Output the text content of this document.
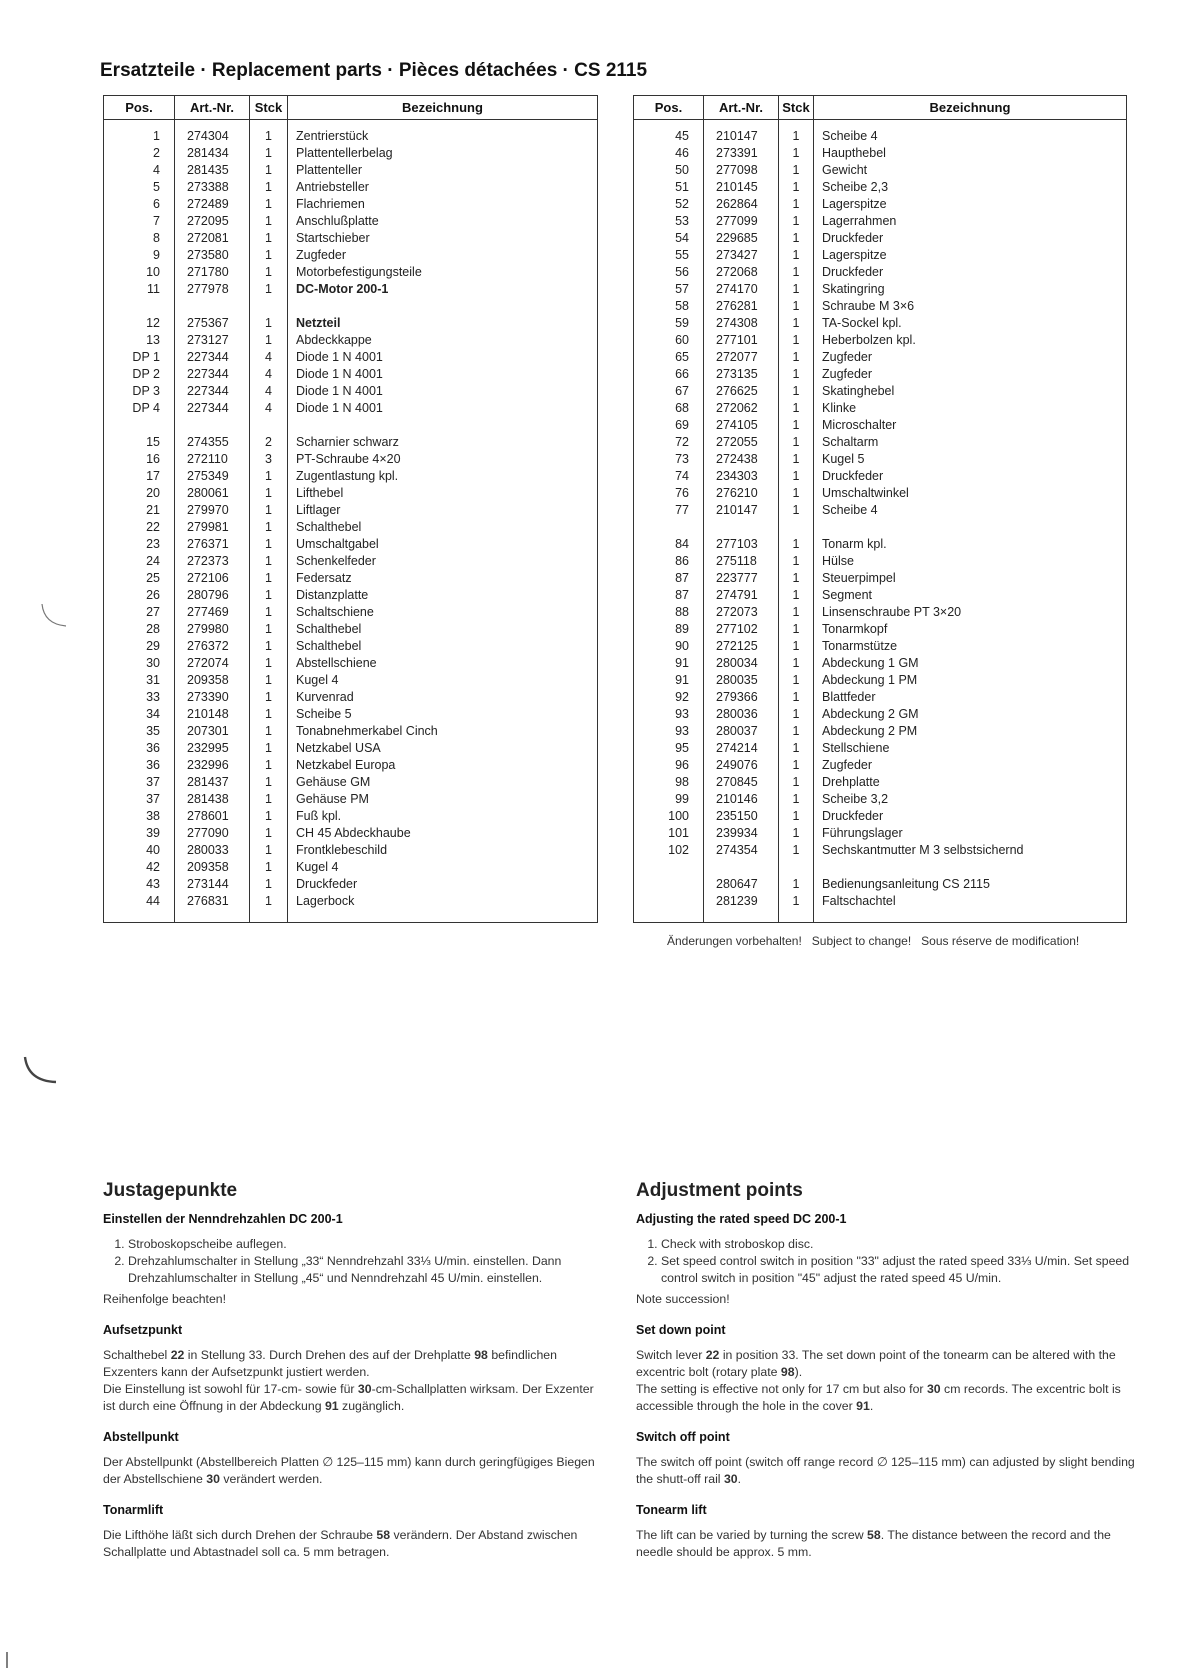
Ersatzteile · Replacement parts · Pièces détachées · CS 2115
Pos.	Art.-Nr.	Stck	Bezeichnung
1	274304	1	Zentrierstück
2	281434	1	Plattentellerbelag
4	281435	1	Plattenteller
5	273388	1	Antriebsteller
6	272489	1	Flachriemen
7	272095	1	Anschlußplatte
8	272081	1	Startschieber
9	273580	1	Zugfeder
10	271780	1	Motorbefestigungsteile
11	277978	1	DC-Motor 200-1

12	275367	1	Netzteil
13	273127	1	Abdeckkappe
DP 1	227344	4	Diode 1 N 4001
DP 2	227344	4	Diode 1 N 4001
DP 3	227344	4	Diode 1 N 4001
DP 4	227344	4	Diode 1 N 4001

15	274355	2	Scharnier schwarz
16	272110	3	PT-Schraube 4×20
17	275349	1	Zugentlastung kpl.
20	280061	1	Lifthebel
21	279970	1	Liftlager
22	279981	1	Schalthebel
23	276371	1	Umschaltgabel
24	272373	1	Schenkelfeder
25	272106	1	Federsatz
26	280796	1	Distanzplatte
27	277469	1	Schaltschiene
28	279980	1	Schalthebel
29	276372	1	Schalthebel
30	272074	1	Abstellschiene
31	209358	1	Kugel 4
33	273390	1	Kurvenrad
34	210148	1	Scheibe 5
35	207301	1	Tonabnehmerkabel Cinch
36	232995	1	Netzkabel USA
36	232996	1	Netzkabel Europa
37	281437	1	Gehäuse GM
37	281438	1	Gehäuse PM
38	278601	1	Fuß kpl.
39	277090	1	CH 45 Abdeckhaube
40	280033	1	Frontklebeschild
42	209358	1	Kugel 4
43	273144	1	Druckfeder
44	276831	1	Lagerbock
Pos.	Art.-Nr.	Stck	Bezeichnung
45	210147	1	Scheibe 4
46	273391	1	Haupthebel
50	277098	1	Gewicht
51	210145	1	Scheibe 2,3
52	262864	1	Lagerspitze
53	277099	1	Lagerrahmen
54	229685	1	Druckfeder
55	273427	1	Lagerspitze
56	272068	1	Druckfeder
57	274170	1	Skatingring
58	276281	1	Schraube M 3×6
59	274308	1	TA-Sockel kpl.
60	277101	1	Heberbolzen kpl.
65	272077	1	Zugfeder
66	273135	1	Zugfeder
67	276625	1	Skatinghebel
68	272062	1	Klinke
69	274105	1	Microschalter
72	272055	1	Schaltarm
73	272438	1	Kugel 5
74	234303	1	Druckfeder
76	276210	1	Umschaltwinkel
77	210147	1	Scheibe 4

84	277103	1	Tonarm kpl.
86	275118	1	Hülse
87	223777	1	Steuerpimpel
87	274791	1	Segment
88	272073	1	Linsenschraube PT 3×20
89	277102	1	Tonarmkopf
90	272125	1	Tonarmstütze
91	280034	1	Abdeckung 1 GM
91	280035	1	Abdeckung 1 PM
92	279366	1	Blattfeder
93	280036	1	Abdeckung 2 GM
93	280037	1	Abdeckung 2 PM
95	274214	1	Stellschiene
96	249076	1	Zugfeder
98	270845	1	Drehplatte
99	210146	1	Scheibe 3,2
100	235150	1	Druckfeder
101	239934	1	Führungslager
102	274354	1	Sechskantmutter M 3 selbstsichernd

	280647	1	Bedienungsanleitung CS 2115
	281239	1	Faltschachtel
Änderungen vorbehalten!   Subject to change!   Sous réserve de modification!
Justagepunkte
Einstellen der Nenndrehzahlen DC 200-1
1. Stroboskopscheibe auflegen.
2. Drehzahlumschalter in Stellung „33“ Nenndrehzahl 33⅓ U/min. einstellen. Dann Drehzahlumschalter in Stellung „45“ und Nenndrehzahl 45 U/min. einstellen.

Reihenfolge beachten!

Aufsetzpunkt

Schalthebel 22 in Stellung 33. Durch Drehen des auf der Drehplatte 98 befindlichen Exzenters kann der Aufsetzpunkt justiert werden.

Die Einstellung ist sowohl für 17-cm- sowie für 30-cm-Schallplatten wirksam. Der Exzenter ist durch eine Öffnung in der Abdeckung 91 zugänglich.

Abstellpunkt

Der Abstellpunkt (Abstellbereich Platten ∅ 125–115 mm) kann durch geringfügiges Biegen der Abstellschiene 30 verändert werden.

Tonarmlift

Die Lifthöhe läßt sich durch Drehen der Schraube 58 verändern. Der Abstand zwischen Schallplatte und Abtastnadel soll ca. 5 mm betragen.

Adjustment points
Adjusting the rated speed DC 200-1
1. Check with stroboskop disc.
2. Set speed control switch in position "33" adjust the rated speed 33⅓ U/min. Set speed control switch in position "45" adjust the rated speed 45 U/min.

Note succession!

Set down point

Switch lever 22 in position 33. The set down point of the tonearm can be altered with the excentric bolt (rotary plate 98).

The setting is effective not only for 17 cm but also for 30 cm records. The excentric bolt is accessible through the hole in the cover 91.

Switch off point

The switch off point (switch off range record ∅ 125–115 mm) can adjusted by slight bending the shutt-off rail 30.

Tonearm lift

The lift can be varied by turning the screw 58. The distance between the record and the needle should be approx. 5 mm.
